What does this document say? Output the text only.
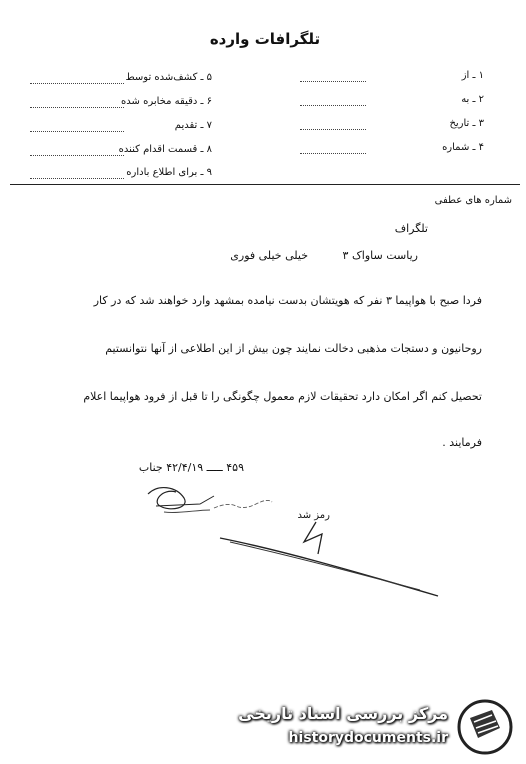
تلگرافات وارده
۱ ـ از
۲ ـ به
۳ ـ تاریخ
۴ ـ شماره
۵ ـ کشف‌شده توسط
۶ ـ دقیقه مخابره شده
۷ ـ تقدیم
۸ ـ قسمت اقدام کننده
۹ ـ برای اطلاع باداره
شماره های عطفی
تلگراف
ریاست ساواک ۳
خیلی خیلی فوری
فردا صبح با هواپیما ۳ نفر که هویتشان بدست نیامده بمشهد وارد خواهند شد که در کار
روحانیون و دستجات مذهبی دخالت نمایند چون بیش از این اطلاعی از آنها نتوانستیم
تحصیل کنم اگر امکان دارد تحقیقات لازم معمول چگونگی را تا قبل از فرود هواپیما اعلام
فرمایند .
۴۵۹ ـــــ ۴۲/۴/۱۹ جناب
رمز شد
مرکز بررسی اسناد تاریخی
historydocuments.ir
